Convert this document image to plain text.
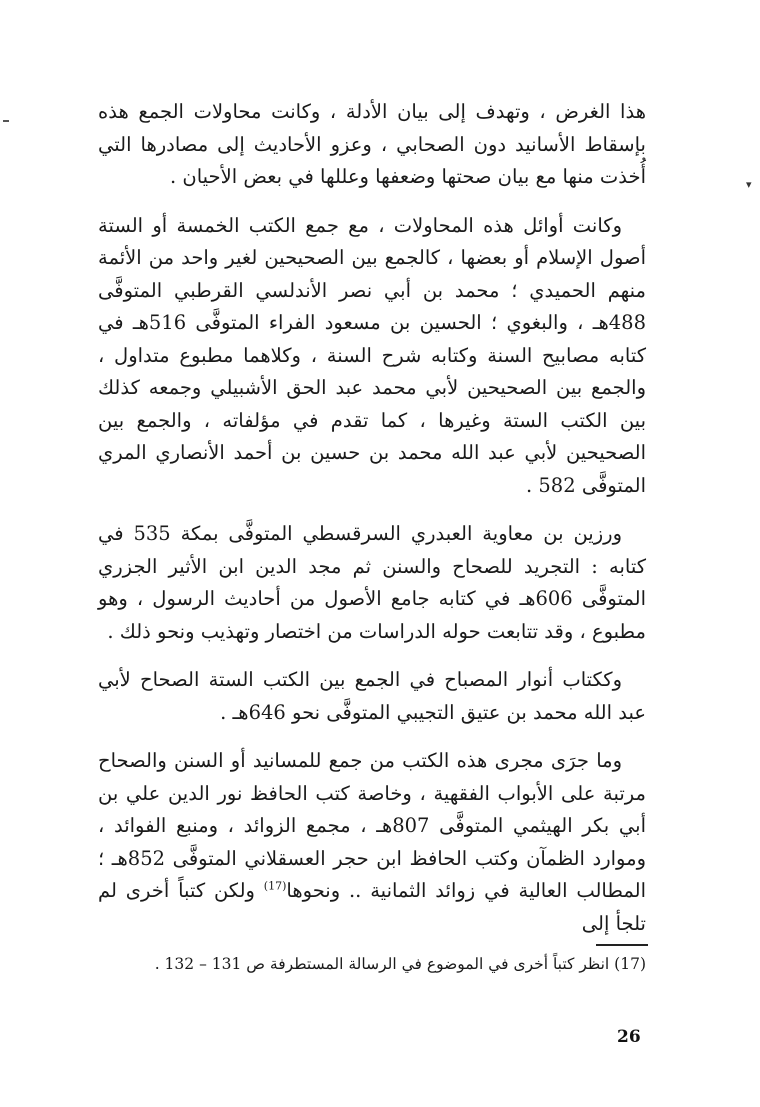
▾

هذا الغرض ، وتهدف إلى بيان الأدلة ، وكانت محاولات الجمع هذه بإسقاط الأسانيد دون الصحابي ، وعزو الأحاديث إلى مصادرها التي أُخذت منها مع بيان صحتها وضعفها وعللها في بعض الأحيان .

وكانت أوائل هذه المحاولات ، مع جمع الكتب الخمسة أو الستة أصول الإسلام أو بعضها ، كالجمع بين الصحيحين لغير واحد من الأئمة منهم الحميدي ؛ محمد بن أبي نصر الأندلسي القرطبي المتوفَّى 488هـ ، والبغوي ؛ الحسين بن مسعود الفراء المتوفَّى 516هـ في كتابه مصابيح السنة وكتابه شرح السنة ، وكلاهما مطبوع متداول ، والجمع بين الصحيحين لأبي محمد عبد الحق الأشبيلي وجمعه كذلك بين الكتب الستة وغيرها ، كما تقدم في مؤلفاته ، والجمع بين الصحيحين لأبي عبد الله محمد بن حسين بن أحمد الأنصاري المري المتوفَّى 582 .

ورزين بن معاوية العبدري السرقسطي المتوفَّى بمكة 535 في كتابه : التجريد للصحاح والسنن ثم مجد الدين ابن الأثير الجزري المتوفَّى 606هـ في كتابه جامع الأصول من أحاديث الرسول ، وهو مطبوع ، وقد تتابعت حوله الدراسات من اختصار وتهذيب ونحو ذلك .

وككتاب أنوار المصباح في الجمع بين الكتب الستة الصحاح لأبي عبد الله محمد بن عتيق التجيبي المتوفَّى نحو 646هـ .

وما جرَى مجرى هذه الكتب من جمع للمسانيد أو السنن والصحاح مرتبة على الأبواب الفقهية ، وخاصة كتب الحافظ نور الدين علي بن أبي بكر الهيثمي المتوفَّى 807هـ ، مجمع الزوائد ، ومنبع الفوائد ، وموارد الظمآن وكتب الحافظ ابن حجر العسقلاني المتوفَّى 852هـ ؛ المطالب العالية في زوائد الثمانية .. ونحوها$^{(17)}$ ولكن كتباً أخرى لم تلجأ إلى

(17) انظر كتباً أخرى في الموضوع في الرسالة المستطرفة ص 131 – 132 .
26
